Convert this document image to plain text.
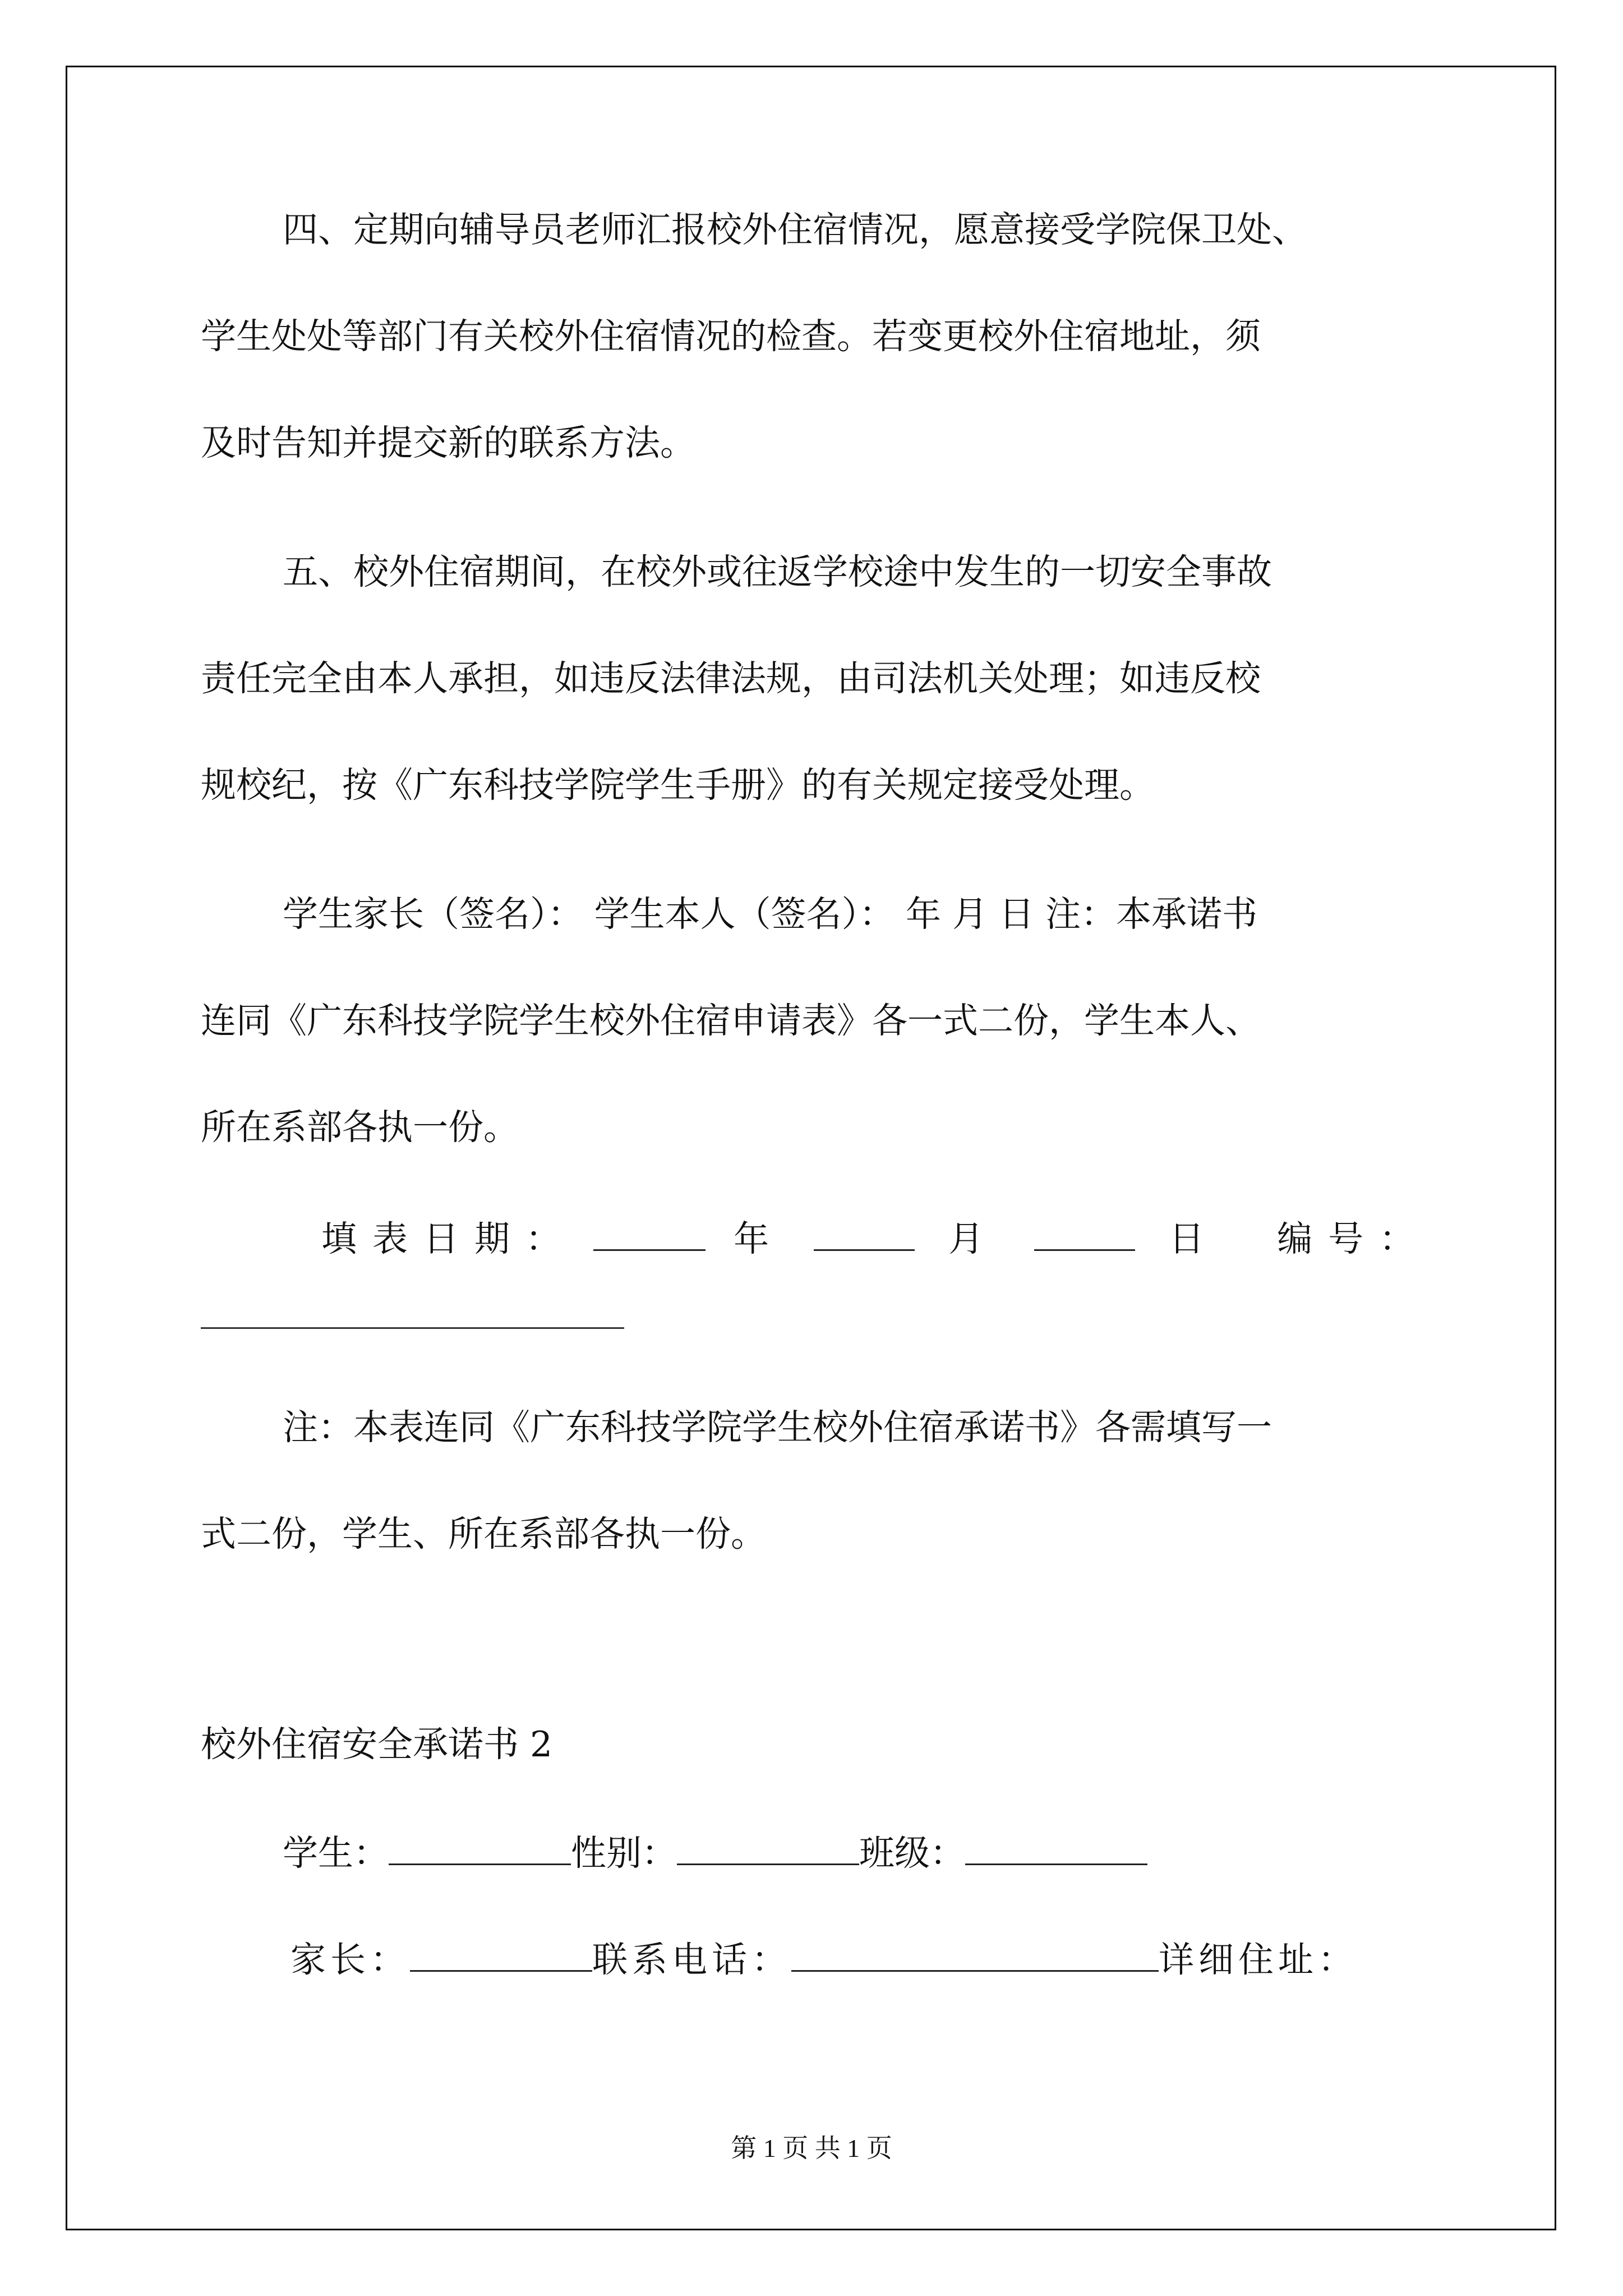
四、定期向辅导员老师汇报校外住宿情况，愿意接受学院保卫处、
学生处处等部门有关校外住宿情况的检查。若变更校外住宿地址，须
及时告知并提交新的联系方法。
五、校外住宿期间，在校外或往返学校途中发生的一切安全事故
责任完全由本人承担，如违反法律法规，由司法机关处理；如违反校
规校纪，按《广东科技学院学生手册》的有关规定接受处理。
学生家长（签名）： 学生本人（签名）： 年 月 日 注：本承诺书
连同《广东科技学院学生校外住宿申请表》各一式二份，学生本人、
所在系部各执一份。
填表日期：	年	月	日 编号：
注：本表连同《广东科技学院学生校外住宿承诺书》各需填写一
式二份，学生、所在系部各执一份。
校外住宿安全承诺书 2
学生：	性别：	班级：
家长：	联系电话：	详细住址：
第 1 页 共 1 页
